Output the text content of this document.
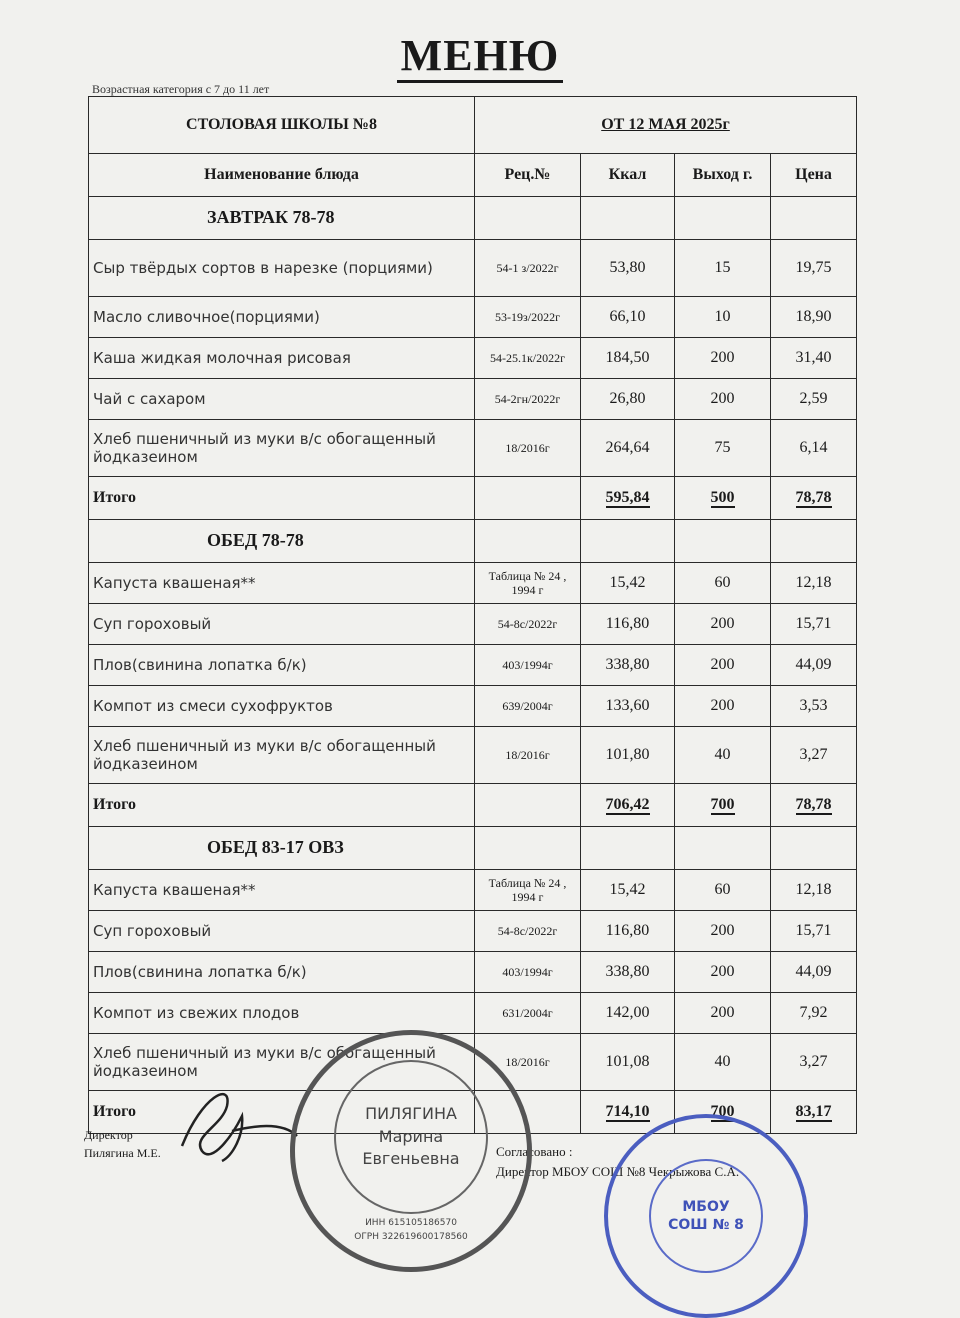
МЕНЮ
Возрастная категория с 7 до 11 лет
СТОЛОВАЯ ШКОЛЫ №8	ОТ 12 МАЯ 2025г			
Наименование блюда	Рец.№	Ккал	Выход г.	Цена
ЗАВТРАК 78-78				
Сыр твёрдых сортов в нарезке (порциями)	54-1 з/2022г	53,80	15	19,75
Масло сливочное(порциями)	53-19з/2022г	66,10	10	18,90
Каша жидкая молочная рисовая	54-25.1к/2022г	184,50	200	31,40
Чай с сахаром	54-2гн/2022г	26,80	200	2,59
Хлеб пшеничный из муки в/с обогащенный йодказеином	18/2016г	264,64	75	6,14
Итого		595,84	500	78,78
ОБЕД 78-78				
Капуста квашеная**	Таблица № 24 , 1994 г	15,42	60	12,18
Суп гороховый	54-8с/2022г	116,80	200	15,71
Плов(свинина лопатка б/к)	403/1994г	338,80	200	44,09
Компот из смеси сухофруктов	639/2004г	133,60	200	3,53
Хлеб пшеничный из муки в/с обогащенный йодказеином	18/2016г	101,80	40	3,27
Итого		706,42	700	78,78
ОБЕД 83-17 ОВЗ				
Капуста квашеная**	Таблица № 24 , 1994 г	15,42	60	12,18
Суп гороховый	54-8с/2022г	116,80	200	15,71
Плов(свинина лопатка б/к)	403/1994г	338,80	200	44,09
Компот из свежих плодов	631/2004г	142,00	200	7,92
Хлеб пшеничный из муки в/с обогащенный йодказеином	18/2016г	101,08	40	3,27
Итого		714,10	700	83,17
Директор
Пилягина М.Е.	Согласовано :
Директор МБОУ СОШ №8 Чекрыжова С.А.
ПИЛЯГИНА
Марина
Евгеньевна
ИНН 615105186570
ОГРН 322619600178560
МБОУ
СОШ № 8
